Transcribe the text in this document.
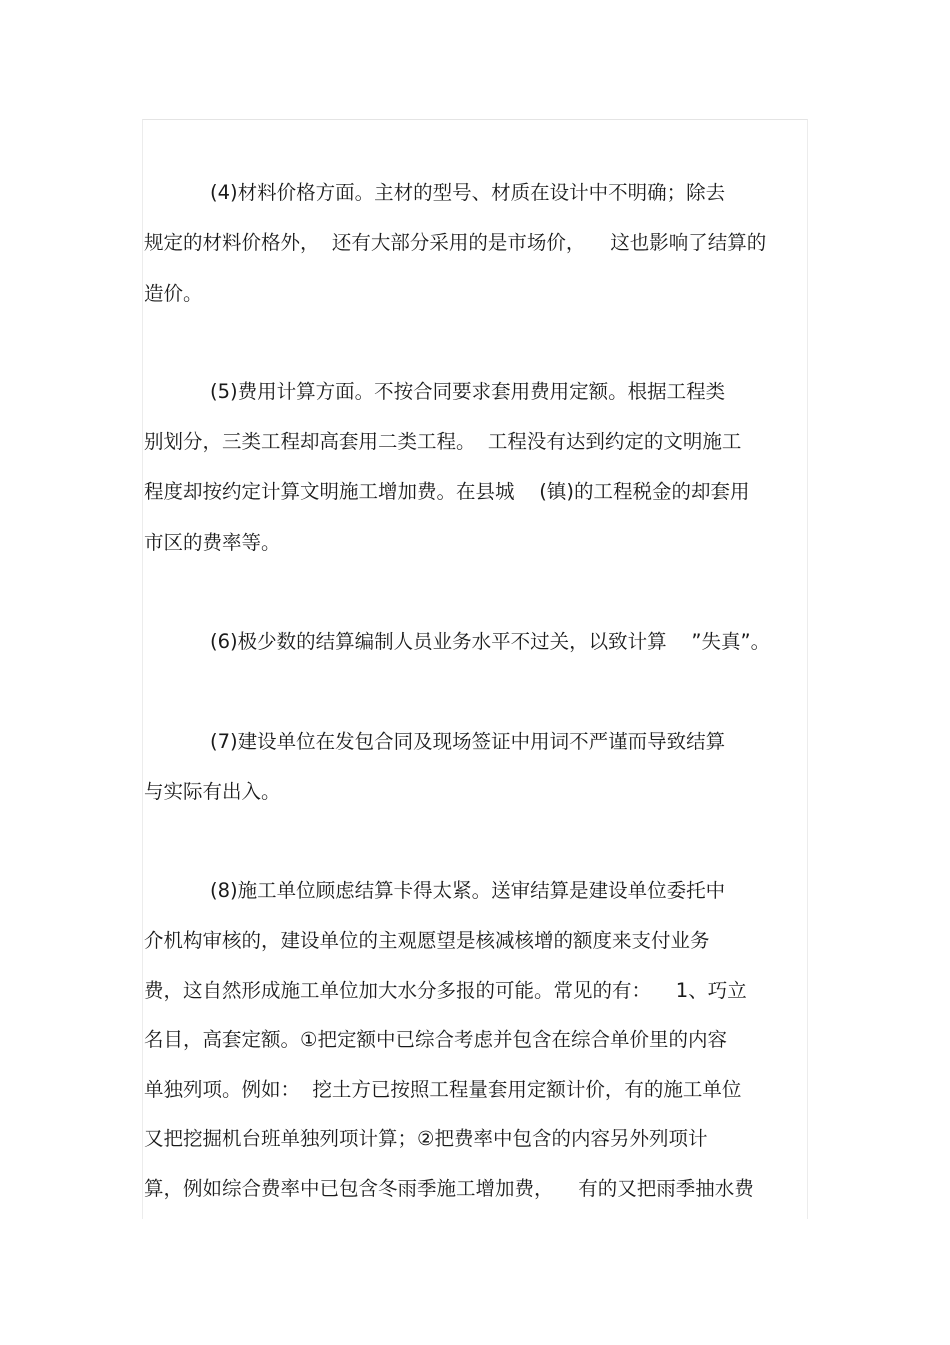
(4)材料价格方面。主材的型号、材质在设计中不明确；除去

规定的材料价格外，  还有大部分采用的是市场价，    这也影响了结算的

造价。

(5)费用计算方面。不按合同要求套用费用定额。根据工程类

别划分，三类工程却高套用二类工程。  工程没有达到约定的文明施工

程度却按约定计算文明施工增加费。在县城    (镇)的工程税金的却套用

市区的费率等。

(6)极少数的结算编制人员业务水平不过关，以致计算    ”失真”。

(7)建设单位在发包合同及现场签证中用词不严谨而导致结算

与实际有出入。

(8)施工单位顾虑结算卡得太紧。送审结算是建设单位委托中

介机构审核的，建设单位的主观愿望是核减核增的额度来支付业务

费，这自然形成施工单位加大水分多报的可能。常见的有：    1、巧立

名目，高套定额。①把定额中已综合考虑并包含在综合单价里的内容

单独列项。例如：  挖土方已按照工程量套用定额计价，有的施工单位

又把挖掘机台班单独列项计算；②把费率中包含的内容另外列项计

算，例如综合费率中已包含冬雨季施工增加费，    有的又把雨季抽水费
